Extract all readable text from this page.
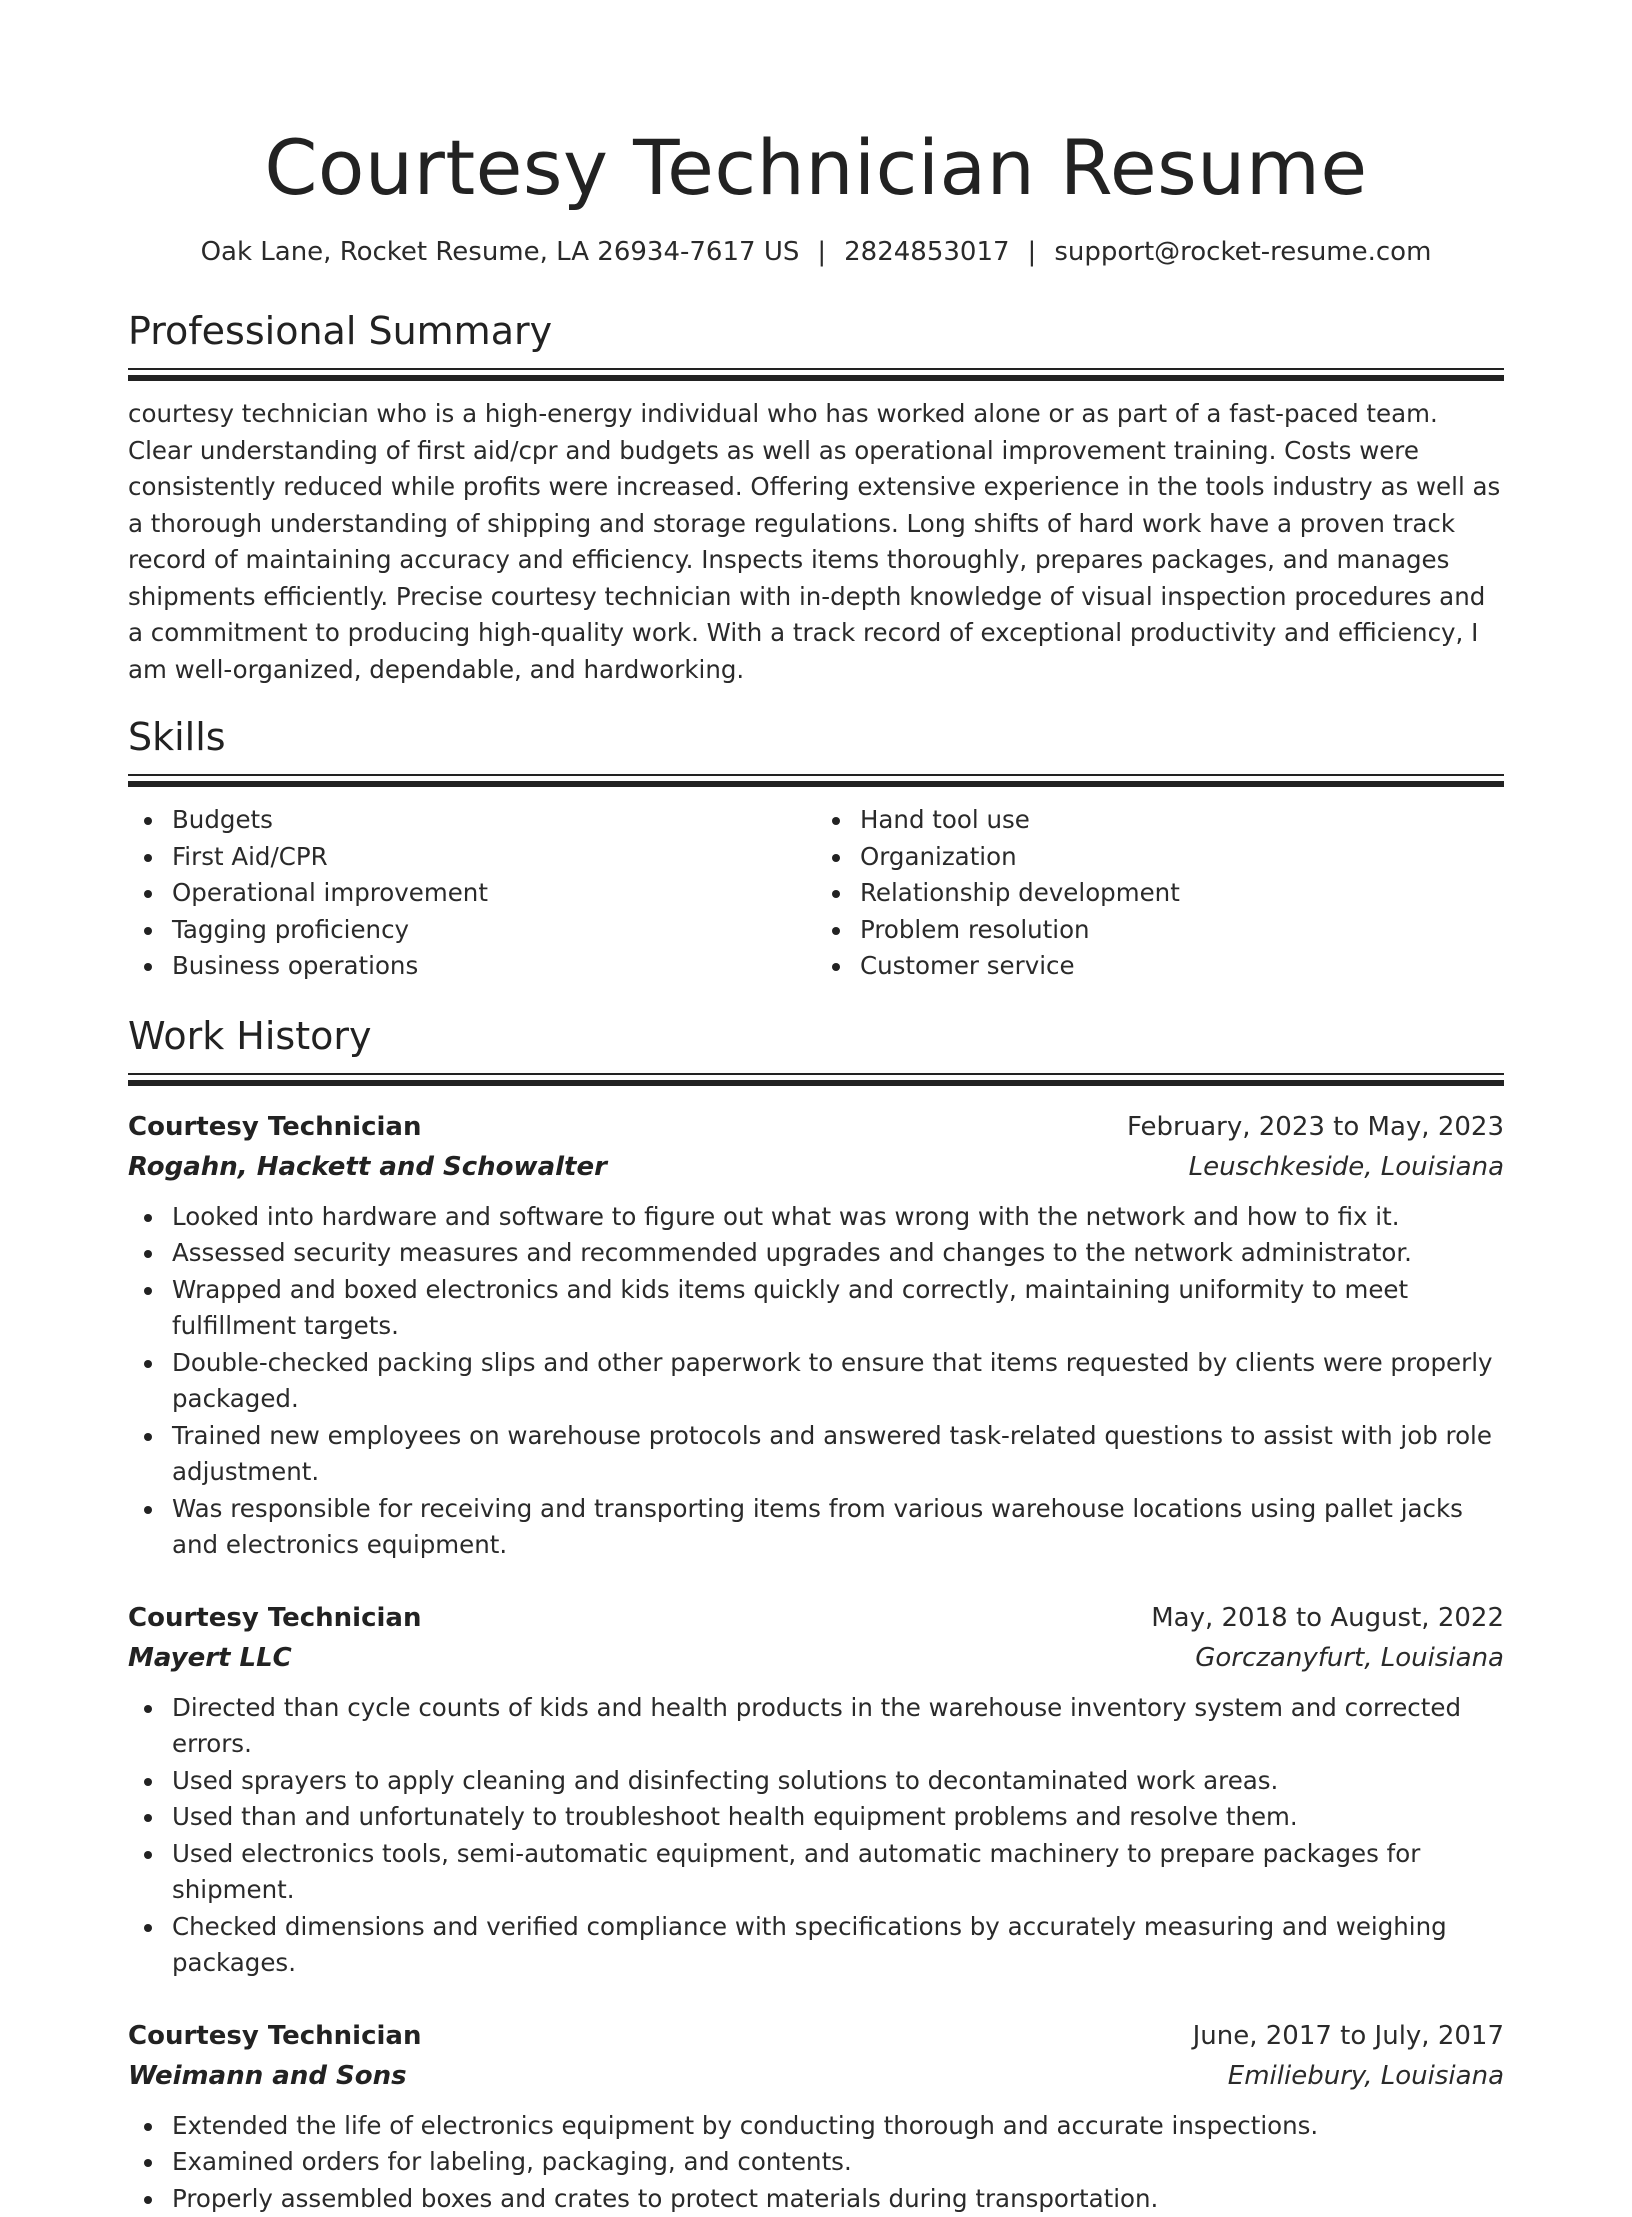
Courtesy Technician Resume
Oak Lane, Rocket Resume, LA 26934-7617 US | 2824853017 | support@rocket-resume.com
Professional Summary

courtesy technician who is a high-energy individual who has worked alone or as part of a fast-paced team. Clear understanding of first aid/cpr and budgets as well as operational improvement training. Costs were consistently reduced while profits were increased. Offering extensive experience in the tools industry as well as a thorough understanding of shipping and storage regulations. Long shifts of hard work have a proven track record of maintaining accuracy and efficiency. Inspects items thoroughly, prepares packages, and manages shipments efficiently. Precise courtesy technician with in-depth knowledge of visual inspection procedures and a commitment to producing high-quality work. With a track record of exceptional productivity and efficiency, I am well-organized, dependable, and hardworking.

Skills
Budgets
First Aid/CPR
Operational improvement
Tagging proficiency
Business operations
Hand tool use
Organization
Relationship development
Problem resolution
Customer service
Work History
Courtesy Technician	February, 2023 to May, 2023
Rogahn, Hackett and Schowalter	Leuschkeside, Louisiana
Looked into hardware and software to figure out what was wrong with the network and how to fix it.
Assessed security measures and recommended upgrades and changes to the network administrator.
Wrapped and boxed electronics and kids items quickly and correctly, maintaining uniformity to meet fulfillment targets.
Double-checked packing slips and other paperwork to ensure that items requested by clients were properly packaged.
Trained new employees on warehouse protocols and answered task-related questions to assist with job role adjustment.
Was responsible for receiving and transporting items from various warehouse locations using pallet jacks and electronics equipment.
Courtesy Technician	May, 2018 to August, 2022
Mayert LLC	Gorczanyfurt, Louisiana
Directed than cycle counts of kids and health products in the warehouse inventory system and corrected errors.
Used sprayers to apply cleaning and disinfecting solutions to decontaminated work areas.
Used than and unfortunately to troubleshoot health equipment problems and resolve them.
Used electronics tools, semi-automatic equipment, and automatic machinery to prepare packages for shipment.
Checked dimensions and verified compliance with specifications by accurately measuring and weighing packages.
Courtesy Technician	June, 2017 to July, 2017
Weimann and Sons	Emiliebury, Louisiana
Extended the life of electronics equipment by conducting thorough and accurate inspections.
Examined orders for labeling, packaging, and contents.
Properly assembled boxes and crates to protect materials during transportation.
